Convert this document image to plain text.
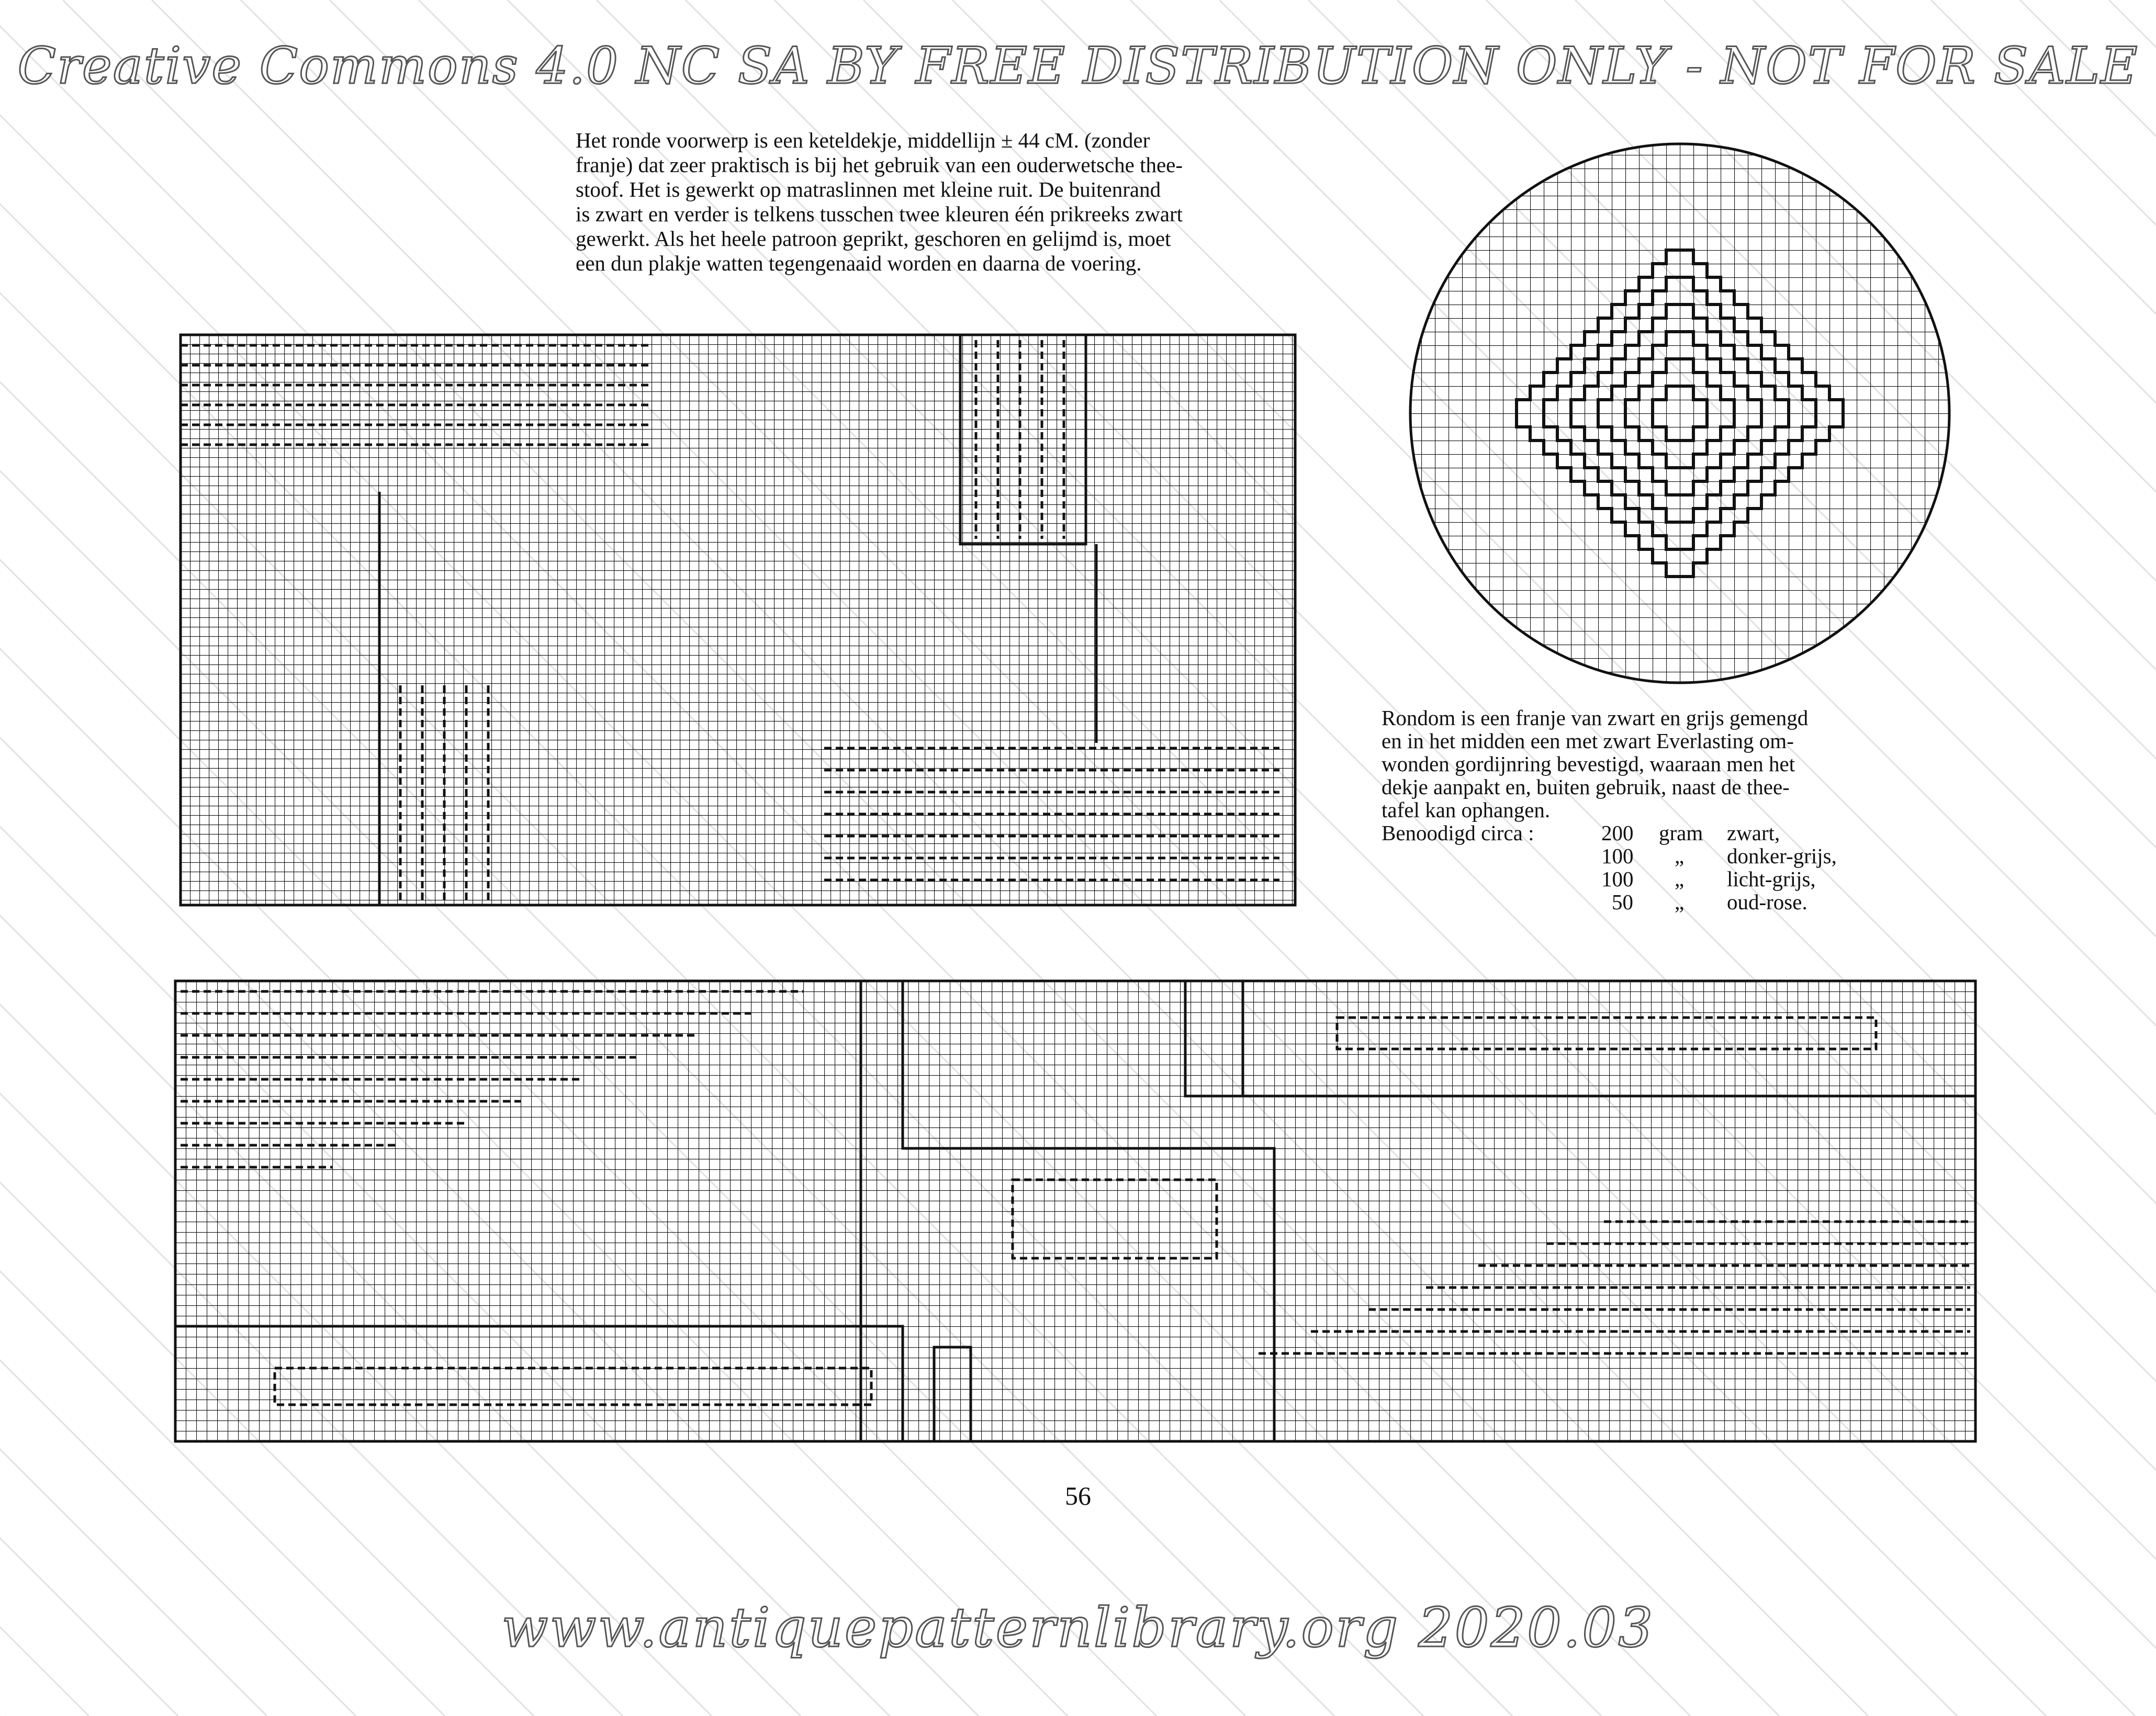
Creative Commons 4.0 NC SA BY FREE DISTRIBUTION ONLY - NOT FOR SALE
Het ronde voorwerp is een keteldekje, middellijn ± 44 cM. (zonder
franje) dat zeer praktisch is bij het gebruik van een ouderwetsche thee-
stoof. Het is gewerkt op matraslinnen met kleine ruit. De buitenrand
is zwart en verder is telkens tusschen twee kleuren één prikreeks zwart
gewerkt. Als het heele patroon geprikt, geschoren en gelijmd is, moet
een dun plakje watten tegengenaaid worden en daarna de voering.
Rondom is een franje van zwart en grijs gemengd
en in het midden een met zwart Everlasting om-
wonden gordijnring bevestigd, waaraan men het
dekje aanpakt en, buiten gebruik, naast de thee-
tafel kan ophangen.
Benoodigd circa :	200 gram zwart,
100 „ donker-grijs,
100 „ licht-grijs,
50 „ oud-rose.
56
www.antiquepatternlibrary.org 2020.03
